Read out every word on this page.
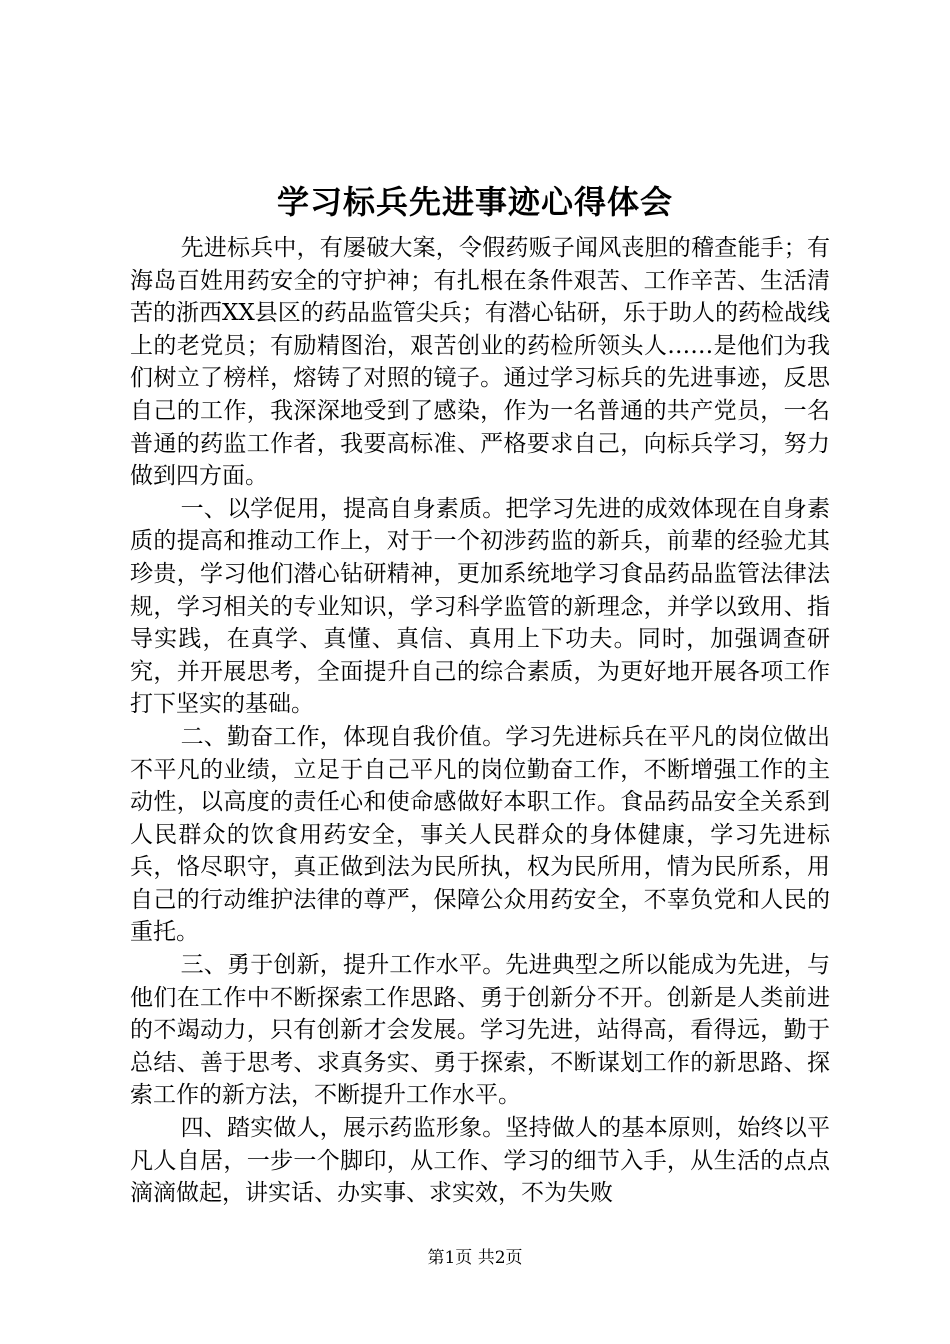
学习标兵先进事迹心得体会

先进标兵中，有屡破大案，令假药贩子闻风丧胆的稽查能手；有海岛百姓用药安全的守护神；有扎根在条件艰苦、工作辛苦、生活清苦的浙西XX县区的药品监管尖兵；有潜心钻研，乐于助人的药检战线上的老党员；有励精图治，艰苦创业的药检所领头人……是他们为我们树立了榜样，熔铸了对照的镜子。通过学习标兵的先进事迹，反思自己的工作，我深深地受到了感染，作为一名普通的共产党员，一名普通的药监工作者，我要高标准、严格要求自己，向标兵学习，努力做到四方面。

一、以学促用，提高自身素质。把学习先进的成效体现在自身素质的提高和推动工作上，对于一个初涉药监的新兵，前辈的经验尤其珍贵，学习他们潜心钻研精神，更加系统地学习食品药品监管法律法规，学习相关的专业知识，学习科学监管的新理念，并学以致用、指导实践，在真学、真懂、真信、真用上下功夫。同时，加强调查研究，并开展思考，全面提升自己的综合素质，为更好地开展各项工作打下坚实的基础。

二、勤奋工作，体现自我价值。学习先进标兵在平凡的岗位做出不平凡的业绩，立足于自己平凡的岗位勤奋工作，不断增强工作的主动性，以高度的责任心和使命感做好本职工作。食品药品安全关系到人民群众的饮食用药安全，事关人民群众的身体健康，学习先进标兵，恪尽职守，真正做到法为民所执，权为民所用，情为民所系，用自己的行动维护法律的尊严，保障公众用药安全，不辜负党和人民的重托。

三、勇于创新，提升工作水平。先进典型之所以能成为先进，与他们在工作中不断探索工作思路、勇于创新分不开。创新是人类前进的不竭动力，只有创新才会发展。学习先进，站得高，看得远，勤于总结、善于思考、求真务实、勇于探索，不断谋划工作的新思路、探索工作的新方法，不断提升工作水平。

四、踏实做人，展示药监形象。坚持做人的基本原则，始终以平凡人自居，一步一个脚印，从工作、学习的细节入手，从生活的点点滴滴做起，讲实话、办实事、求实效，不为失败

第1页 共2页
